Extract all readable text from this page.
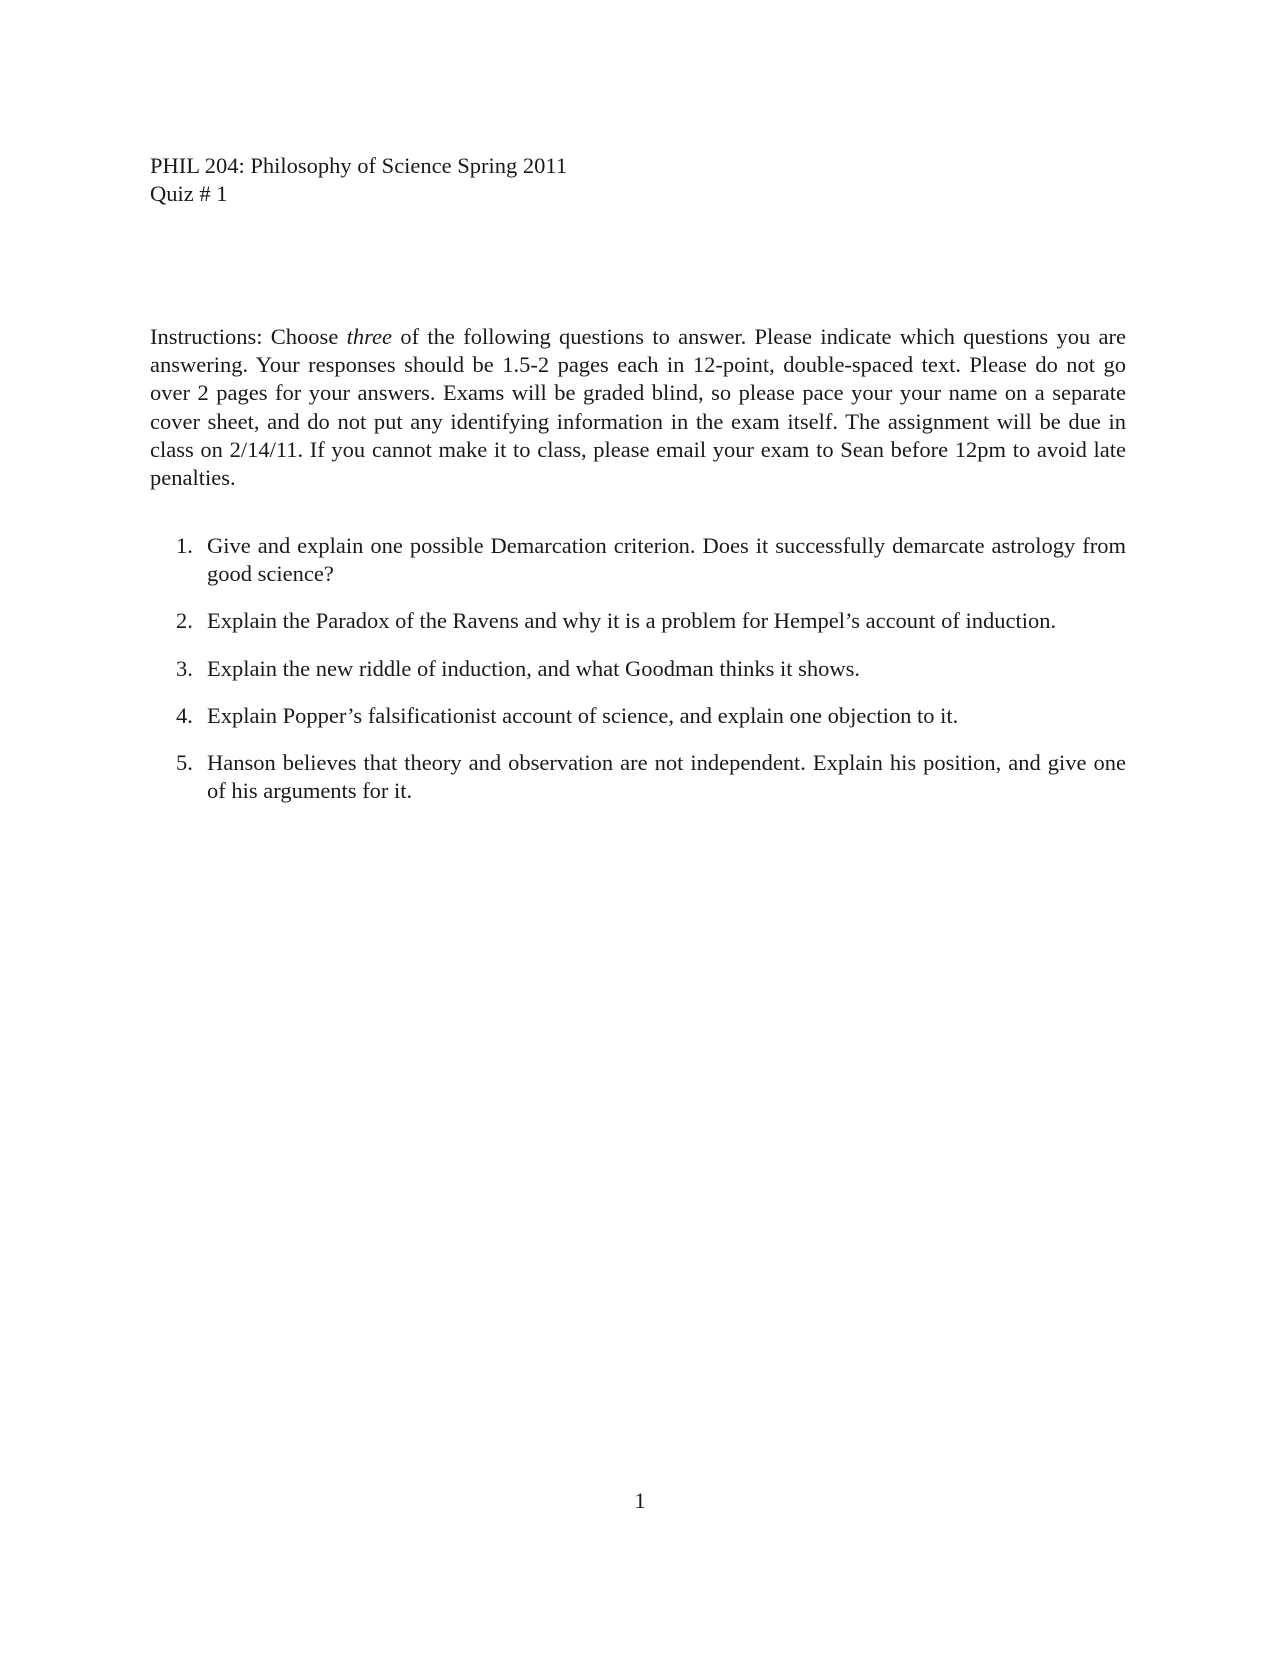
PHIL 204: Philosophy of Science Spring 2011
Quiz # 1

Instructions: Choose three of the following questions to answer. Please indicate which questions you are answering. Your responses should be 1.5-2 pages each in 12-point, double-spaced text. Please do not go over 2 pages for your answers. Exams will be graded blind, so please pace your your name on a separate cover sheet, and do not put any identifying information in the exam itself. The assignment will be due in class on 2/14/11. If you cannot make it to class, please email your exam to Sean before 12pm to avoid late penalties.

1. Give and explain one possible Demarcation criterion. Does it successfully demarcate astrology from good science?
2. Explain the Paradox of the Ravens and why it is a problem for Hempel’s account of induction.
3. Explain the new riddle of induction, and what Goodman thinks it shows.
4. Explain Popper’s falsificationist account of science, and explain one objection to it.
5. Hanson believes that theory and observation are not independent. Explain his position, and give one of his arguments for it.
1
